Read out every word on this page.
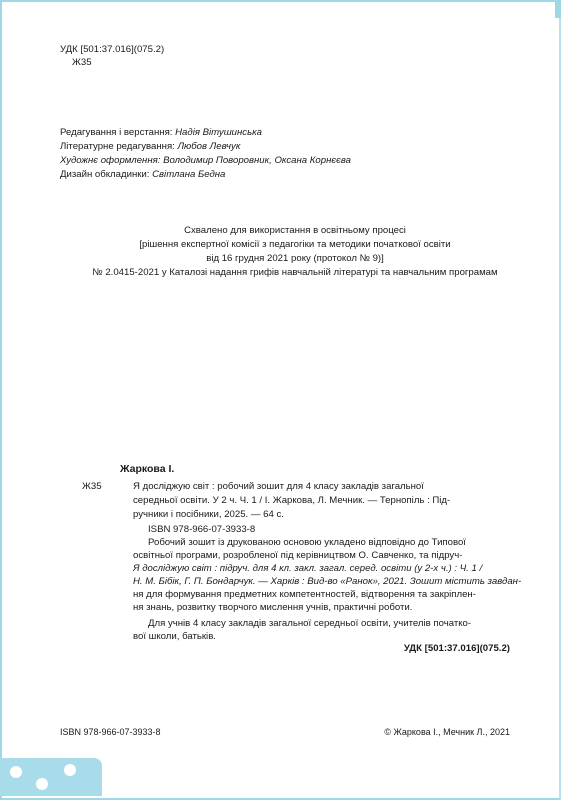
УДК [501:37.016](075.2)
Ж35
Редагування і верстання: Надія Вітушинська
Літературне редагування: Любов Левчук
Художнє оформлення: Володимир Поворовник, Оксана Корнєєва
Дизайн обкладинки: Світлана Бедна
Схвалено для використання в освітньому процесі
[рішення експертної комісії з педагогіки та методики початкової освіти
від 16 грудня 2021 року (протокол № 9)]
№ 2.0415-2021 у Каталозі надання грифів навчальній літературі та навчальним програмам
Жаркова І.
Ж35	Я досліджую світ : робочий зошит для 4 класу закладів загальної
середньої освіти. У 2 ч. Ч. 1 / І. Жаркова, Л. Мечник. — Тернопіль : Під-
ручники і посібники, 2025. — 64 с.
ISBN 978-966-07-3933-8
Робочий зошит із друкованою основою укладено відповідно до Типової
освітньої програми, розробленої під керівництвом О. Савченко, та підруч-
Я досліджую світ : підруч. для 4 кл. закл. загал. серед. освіти (у 2-х ч.) : Ч. 1 /
Н. М. Бібік, Г. П. Бондарчук. — Харків : Вид-во «Ранок», 2021. Зошит містить завдан-
ня для формування предметних компетентностей, відтворення та закріплен-
ня знань, розвитку творчого мислення учнів, практичні роботи.
Для учнів 4 класу закладів загальної середньої освіти, учителів початко-
вої школи, батьків.
УДК [501:37.016](075.2)
ISBN 978-966-07-3933-8	© Жаркова І., Мечник Л., 2021
